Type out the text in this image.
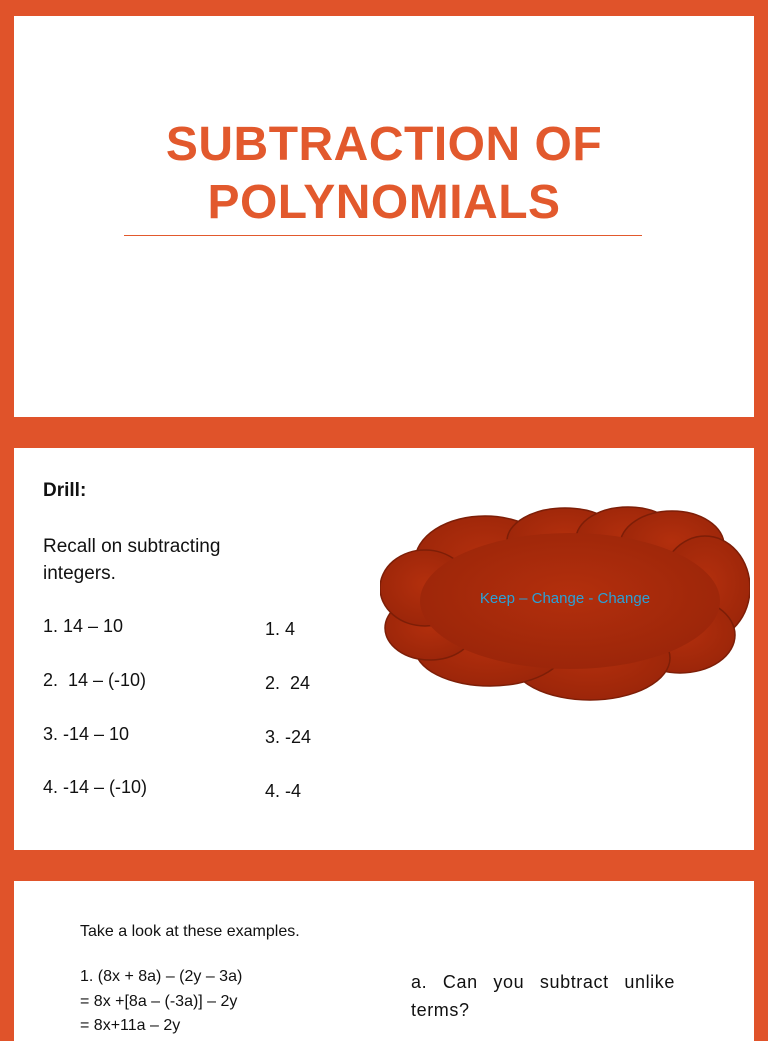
SUBTRACTION OF
POLYNOMIALS
Drill:
Recall on subtracting integers.
1. 14 – 10
2.  14 – (-10)
3. -14 – 10
4. -14 – (-10)
1. 4
2.  24
3. -24
4. -4
Keep – Change - Change
Take a look at these examples.
1. (8x + 8a) – (2y – 3a)
= 8x +[8a – (-3a)] – 2y
= 8x+11a – 2y
a. Can you subtract unlike terms?
